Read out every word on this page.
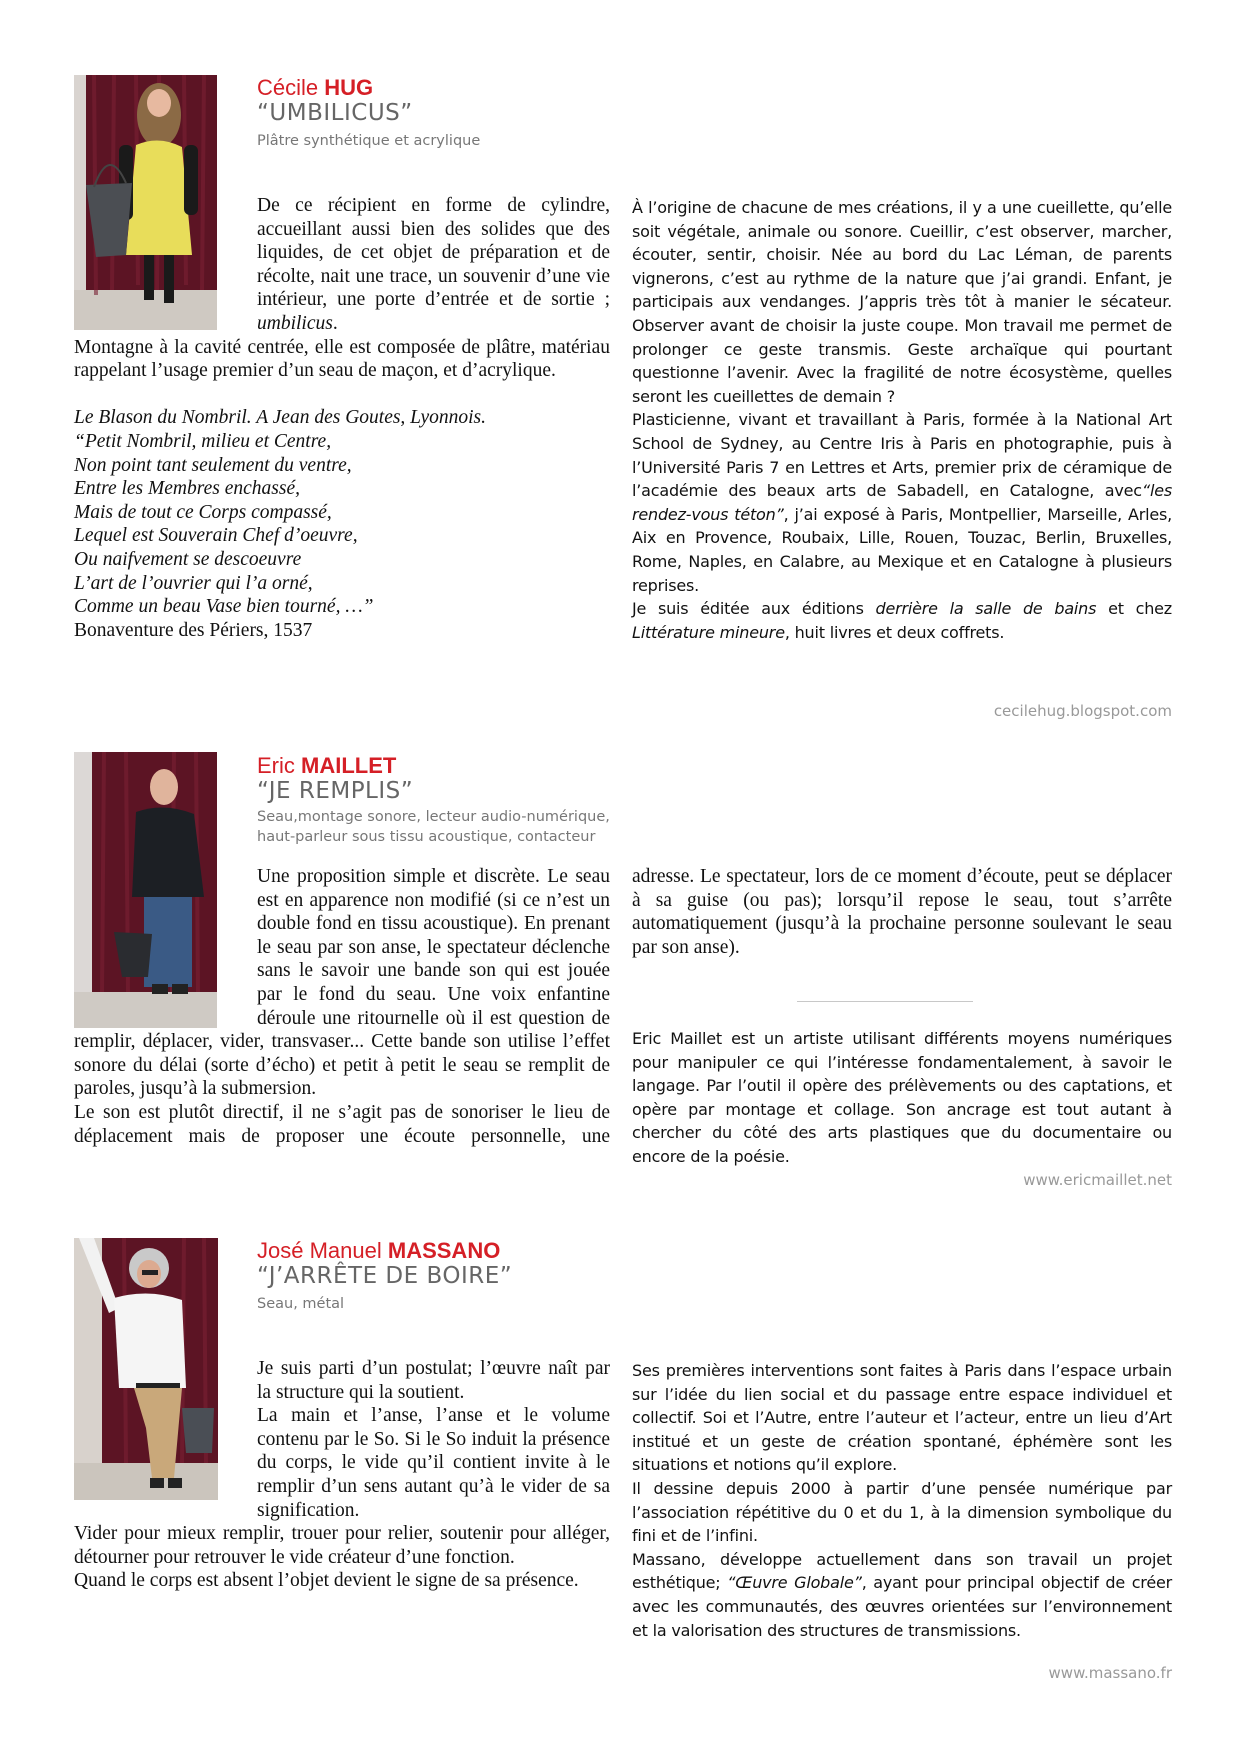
Cécile HUG
“UMBILICUS”
Plâtre synthétique et acrylique

De ce récipient en forme de cylindre, accueillant aussi bien des solides que des liquides, de cet objet de préparation et de récolte, nait une trace, un souvenir d’une vie intérieur, une porte d’entrée et de sortie ; umbilicus.

Montagne à la cavité centrée, elle est composée de plâtre, matériau rappelant l’usage premier d’un seau de maçon, et d’acrylique.

Le Blason du Nombril. A Jean des Goutes, Lyonnois.
“Petit Nombril, milieu et Centre,
Non point tant seulement du ventre,
Entre les Membres enchassé,
Mais de tout ce Corps compassé,
Lequel est Souverain Chef d’oeuvre,
Ou naifvement se descoeuvre
L’art de l’ouvrier qui l’a orné,
Comme un beau Vase bien tourné, …”
Bonaventure des Périers, 1537

À l’origine de chacune de mes créations, il y a une cueillette, qu’elle soit végétale, animale ou sonore. Cueillir, c’est observer, marcher, écouter, sentir, choisir. Née au bord du Lac Léman, de parents vignerons, c’est au rythme de la nature que j’ai grandi. Enfant, je participais aux vendanges. J’appris très tôt à manier le sécateur. Observer avant de choisir la juste coupe. Mon travail me permet de prolonger ce geste transmis. Geste archaïque qui pourtant questionne l’avenir. Avec la fragilité de notre écosystème, quelles seront les cueillettes de demain ?

Plasticienne, vivant et travaillant à Paris, formée à la National Art School de Sydney, au Centre Iris à Paris en photographie, puis à l’Université Paris 7 en Lettres et Arts, premier prix de céramique de l’académie des beaux arts de Sabadell, en Catalogne, avec“les rendez-vous téton”, j’ai exposé à Paris, Montpellier, Marseille, Arles, Aix en Provence, Roubaix, Lille, Rouen, Touzac, Berlin, Bruxelles, Rome, Naples, en Calabre, au Mexique et en Catalogne à plusieurs reprises.

Je suis éditée aux éditions derrière la salle de bains et chez Littérature mineure, huit livres et deux coffrets.

cecilehug.blogspot.com
Eric MAILLET
“JE REMPLIS”
Seau,montage sonore, lecteur audio-numérique,
haut-parleur sous tissu acoustique, contacteur

Une proposition simple et discrète. Le seau est en apparence non modifié (si ce n’est un double fond en tissu acoustique). En prenant le seau par son anse, le spectateur déclenche sans le savoir une bande son qui est jouée par le fond du seau. Une voix enfantine déroule une ritournelle où il est question de remplir, déplacer, vider, transvaser... Cette bande son utilise l’effet sonore du délai (sorte d’écho) et petit à petit le seau se remplit de paroles, jusqu’à la submersion.

Le son est plutôt directif, il ne s’agit pas de sonoriser le lieu de déplacement mais de proposer une écoute personnelle, une

adresse. Le spectateur, lors de ce moment d’écoute, peut se déplacer à sa guise (ou pas); lorsqu’il repose le seau, tout s’arrête automatiquement (jusqu’à la prochaine personne soulevant le seau par son anse).

Eric Maillet est un artiste utilisant différents moyens numériques pour manipuler ce qui l’intéresse fondamentalement, à savoir le langage. Par l’outil il opère des prélèvements ou des captations, et opère par montage et collage. Son ancrage est tout autant à chercher du côté des arts plastiques que du documentaire ou encore de la poésie.

www.ericmaillet.net
José Manuel MASSANO
“J’ARRÊTE DE BOIRE”
Seau, métal

Je suis parti d’un postulat; l’œuvre naît par la structure qui la soutient.

La main et l’anse, l’anse et le volume contenu par le So. Si le So induit la présence du corps, le vide qu’il contient invite à le remplir d’un sens autant qu’à le vider de sa signification.

Vider pour mieux remplir, trouer pour relier, soutenir pour alléger, détourner pour retrouver le vide créateur d’une fonction.

Quand le corps est absent l’objet devient le signe de sa présence.

Ses premières interventions sont faites à Paris dans l’espace urbain sur l’idée du lien social et du passage entre espace individuel et collectif. Soi et l’Autre, entre l’auteur et l’acteur, entre un lieu d’Art institué et un geste de création spontané, éphémère sont les situations et notions qu’il explore.

Il dessine depuis 2000 à partir d’une pensée numérique par l’association répétitive du 0 et du 1, à la dimension symbolique du fini et de l’infini.

Massano, développe actuellement dans son travail un projet esthétique; “Œuvre Globale”, ayant pour principal objectif de créer avec les communautés, des œuvres orientées sur l’environnement et la valorisation des structures de transmissions.

www.massano.fr
